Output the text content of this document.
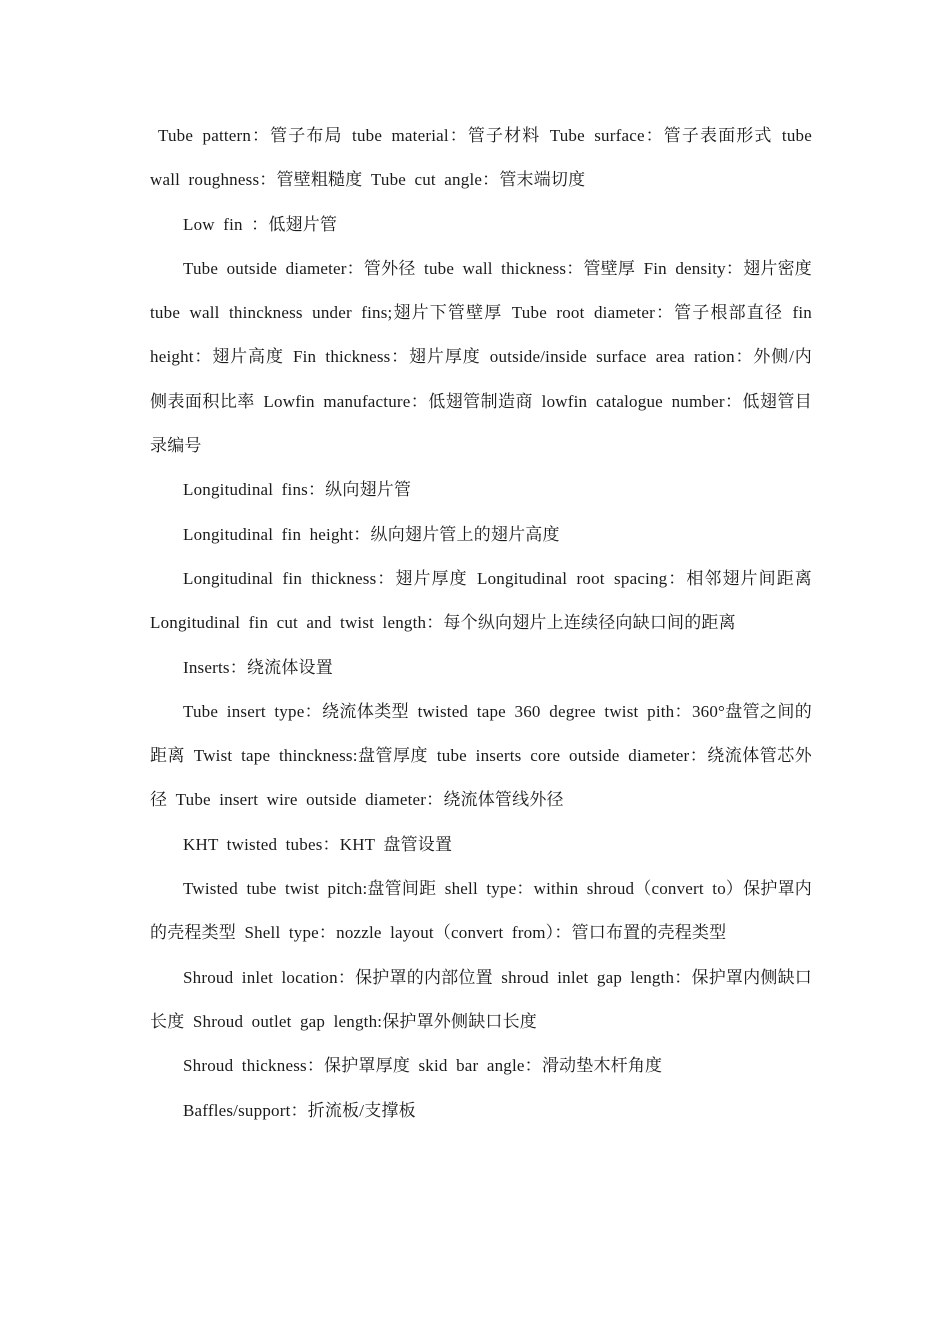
Tube pattern：管子布局 tube material：管子材料 Tube surface：管子表面形式 tube wall roughness：管壁粗糙度 Tube cut angle：管末端切度

Low fin ：低翅片管

Tube outside diameter：管外径 tube wall thickness：管壁厚 Fin density：翅片密度 tube wall thinckness under fins;翅片下管壁厚 Tube root diameter：管子根部直径 fin height：翅片高度 Fin thickness：翅片厚度 outside/inside surface area ration：外侧/内侧表面积比率 Lowfin manufacture：低翅管制造商 lowfin catalogue number：低翅管目录编号

Longitudinal fins：纵向翅片管

Longitudinal fin height：纵向翅片管上的翅片高度

Longitudinal fin thickness：翅片厚度 Longitudinal root spacing：相邻翅片间距离 Longitudinal fin cut and twist length：每个纵向翅片上连续径向缺口间的距离

Inserts：绕流体设置

Tube insert type：绕流体类型 twisted tape 360 degree twist pith：360°盘管之间的距离 Twist tape thinckness:盘管厚度 tube inserts core outside diameter：绕流体管芯外径 Tube insert wire outside diameter：绕流体管线外径

KHT twisted tubes：KHT 盘管设置

Twisted tube twist pitch:盘管间距 shell type：within shroud（convert to）保护罩内的壳程类型 Shell type：nozzle layout（convert from）：管口布置的壳程类型

Shroud inlet location：保护罩的内部位置 shroud inlet gap length：保护罩内侧缺口长度 Shroud outlet gap length:保护罩外侧缺口长度

Shroud thickness：保护罩厚度 skid bar angle：滑动垫木杆角度

Baffles/support：折流板/支撑板
